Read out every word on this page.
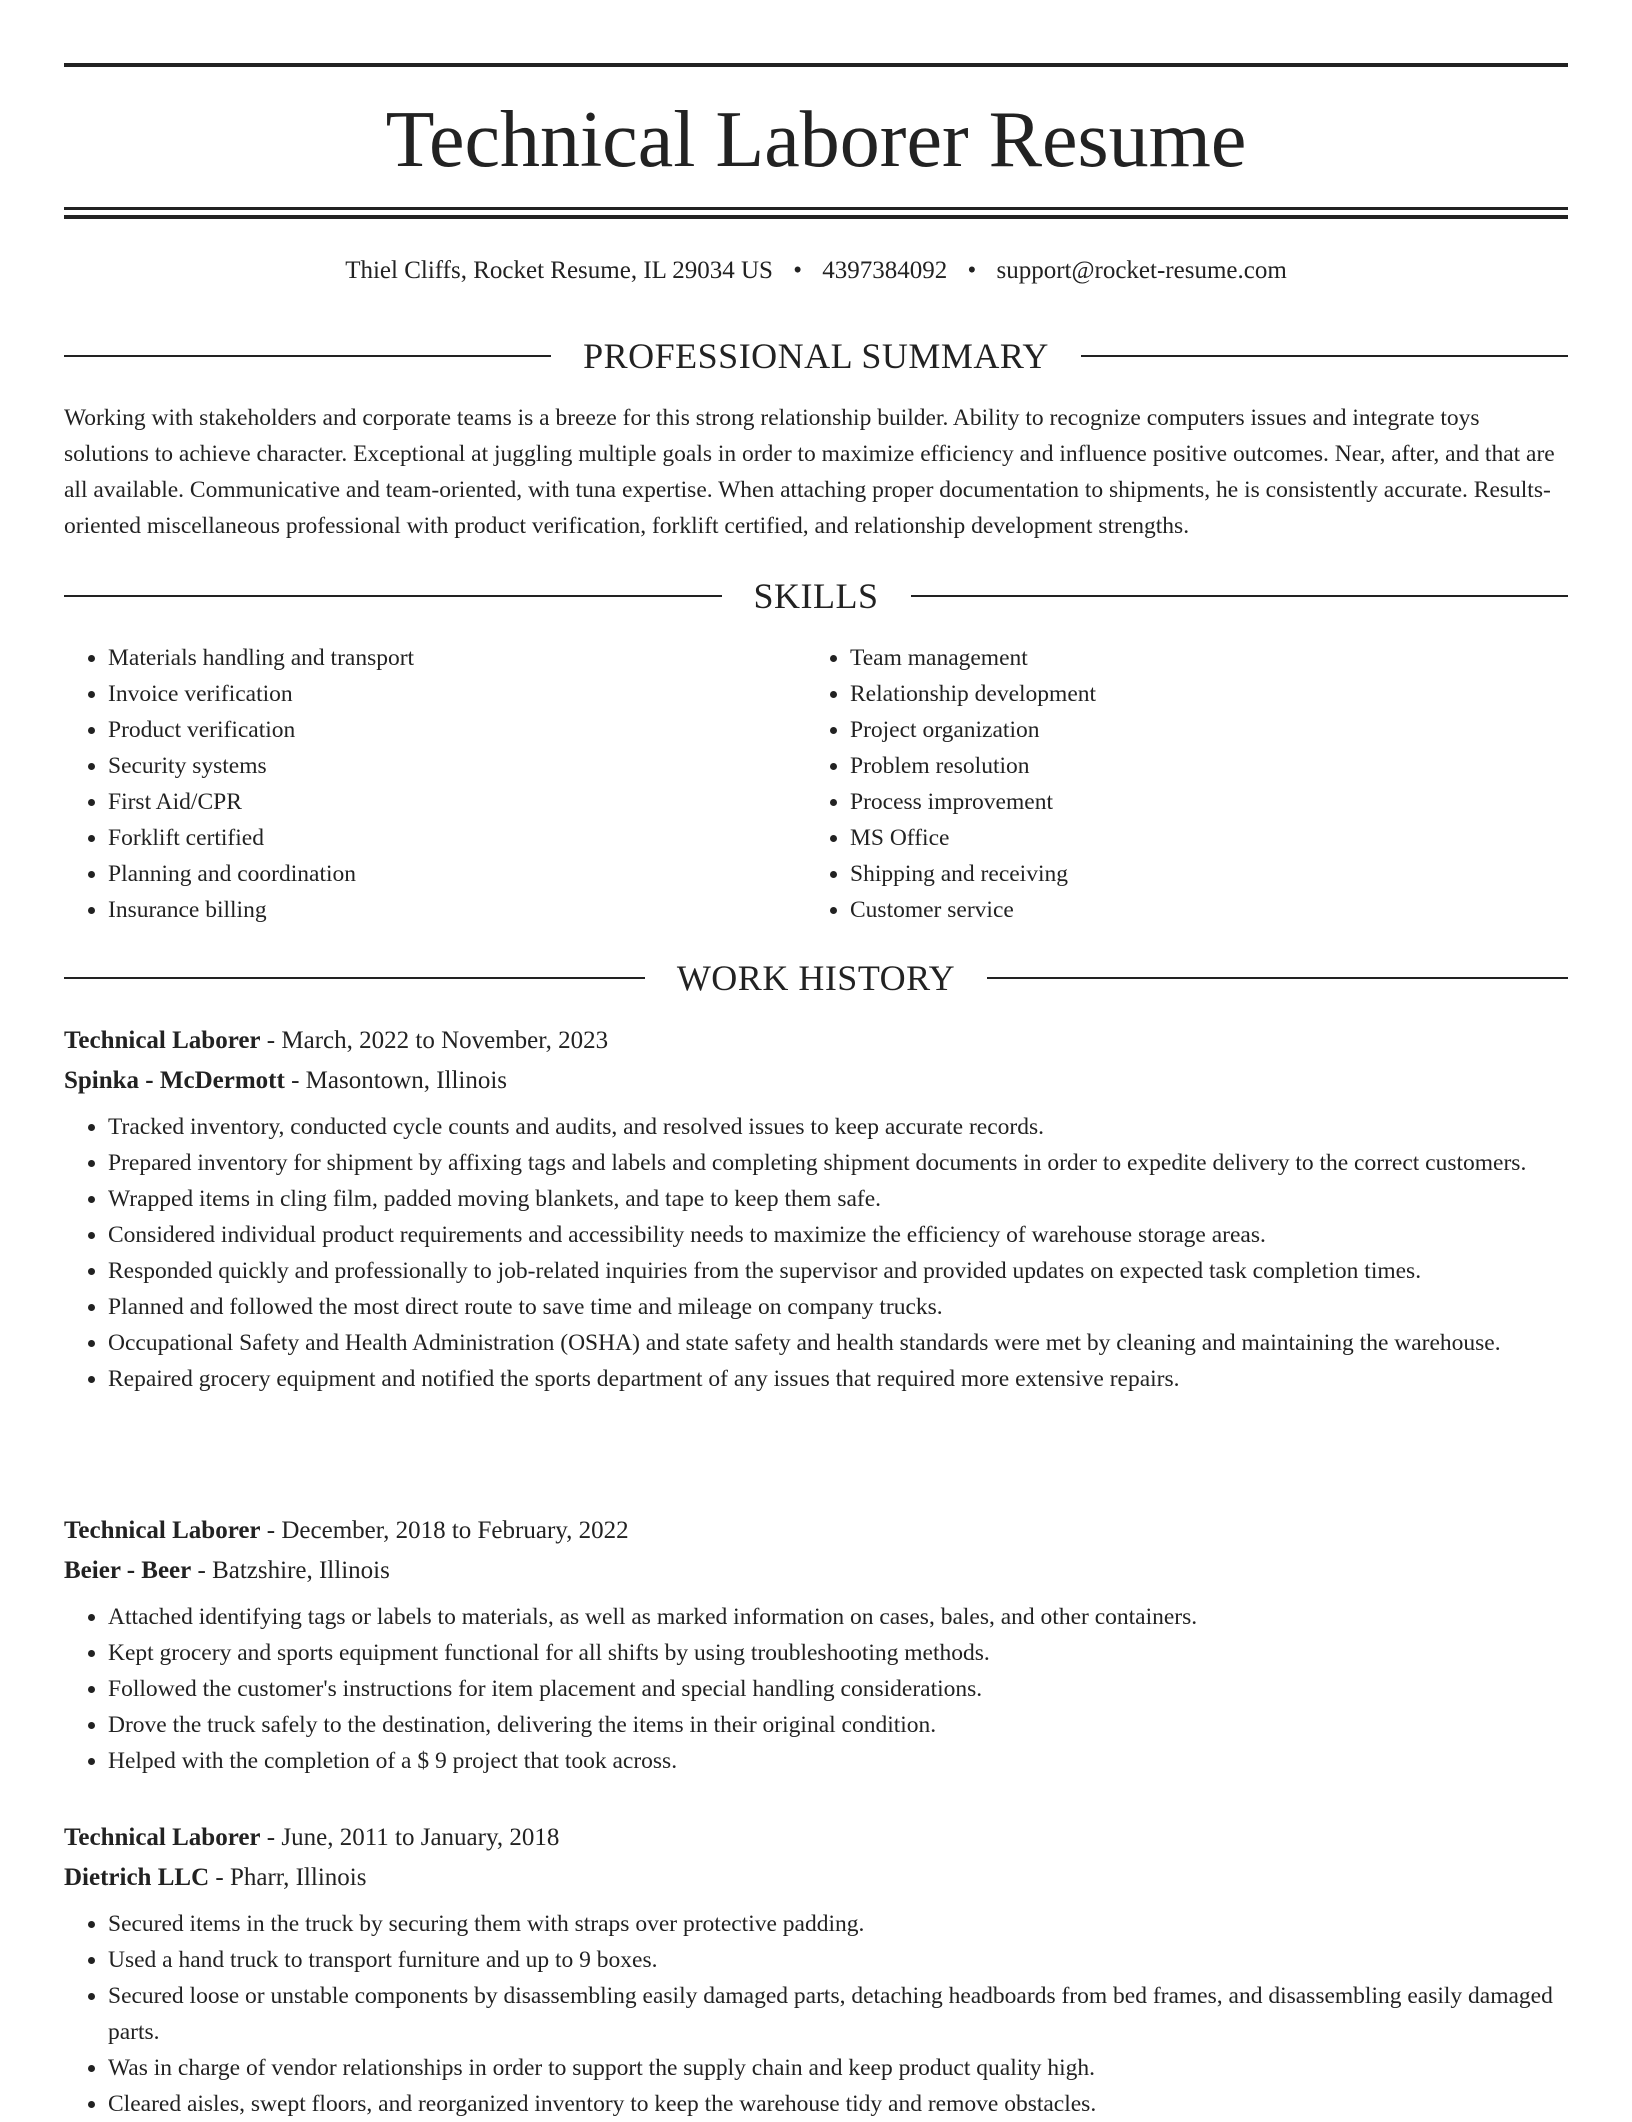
Technical Laborer Resume
Thiel Cliffs, Rocket Resume, IL 29034 US • 4397384092 • support@rocket-resume.com
PROFESSIONAL SUMMARY
Working with stakeholders and corporate teams is a breeze for this strong relationship builder. Ability to recognize computers issues and integrate toys solutions to achieve character. Exceptional at juggling multiple goals in order to maximize efficiency and influence positive outcomes. Near, after, and that are all available. Communicative and team-oriented, with tuna expertise. When attaching proper documentation to shipments, he is consistently accurate. Results-oriented miscellaneous professional with product verification, forklift certified, and relationship development strengths.
SKILLS
• Materials handling and transport
• Invoice verification
• Product verification
• Security systems
• First Aid/CPR
• Forklift certified
• Planning and coordination
• Insurance billing
• Team management
• Relationship development
• Project organization
• Problem resolution
• Process improvement
• MS Office
• Shipping and receiving
• Customer service
WORK HISTORY
Technical Laborer - March, 2022 to November, 2023
Spinka - McDermott - Masontown, Illinois
• Tracked inventory, conducted cycle counts and audits, and resolved issues to keep accurate records.
• Prepared inventory for shipment by affixing tags and labels and completing shipment documents in order to expedite delivery to the correct customers.
• Wrapped items in cling film, padded moving blankets, and tape to keep them safe.
• Considered individual product requirements and accessibility needs to maximize the efficiency of warehouse storage areas.
• Responded quickly and professionally to job-related inquiries from the supervisor and provided updates on expected task completion times.
• Planned and followed the most direct route to save time and mileage on company trucks.
• Occupational Safety and Health Administration (OSHA) and state safety and health standards were met by cleaning and maintaining the warehouse.
• Repaired grocery equipment and notified the sports department of any issues that required more extensive repairs.
Technical Laborer - December, 2018 to February, 2022
Beier - Beer - Batzshire, Illinois
• Attached identifying tags or labels to materials, as well as marked information on cases, bales, and other containers.
• Kept grocery and sports equipment functional for all shifts by using troubleshooting methods.
• Followed the customer's instructions for item placement and special handling considerations.
• Drove the truck safely to the destination, delivering the items in their original condition.
• Helped with the completion of a $ 9 project that took across.
Technical Laborer - June, 2011 to January, 2018
Dietrich LLC - Pharr, Illinois
• Secured items in the truck by securing them with straps over protective padding.
• Used a hand truck to transport furniture and up to 9 boxes.
• Secured loose or unstable components by disassembling easily damaged parts, detaching headboards from bed frames, and disassembling easily damaged parts.
• Was in charge of vendor relationships in order to support the supply chain and keep product quality high.
• Cleared aisles, swept floors, and reorganized inventory to keep the warehouse tidy and remove obstacles.
